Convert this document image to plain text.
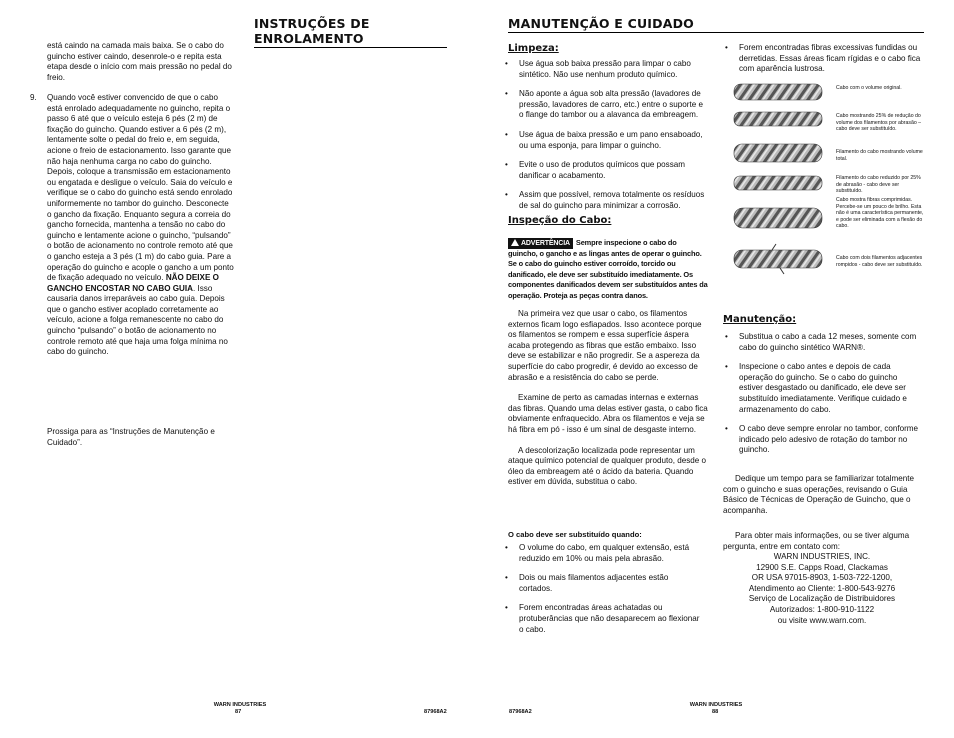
INSTRUÇÕES DE ENROLAMENTO
está caindo na camada mais baixa. Se o cabo do guincho estiver caindo, desenrole-o e repita esta etapa desde o início com mais pressão no pedal do freio.
9. Quando você estiver convencido de que o cabo está enrolado adequadamente no guincho, repita o passo 6 até que o veículo esteja 6 pés (2 m) de fixação do guincho. Quando estiver a 6 pés (2 m), lentamente solte o pedal do freio e, em seguida, acione o freio de estacionamento. Isso garante que não haja nenhuma carga no cabo do guincho. Depois, coloque a transmissão em estacionamento ou engatada e desligue o veículo. Saia do veículo e verifique se o cabo do guincho está sendo enrolado uniformemente no tambor do guincho. Desconecte o gancho da fixação. Enquanto segura a correia do gancho fornecida, mantenha a tensão no cabo do guincho e lentamente acione o guincho, “pulsando” o botão de acionamento no controle remoto até que o gancho esteja a 3 pés (1 m) do cabo guia. Pare a operação do guincho e acople o gancho a um ponto de fixação adequado no veículo. NÃO DEIXE O GANCHO ENCOSTAR NO CABO GUIA. Isso causaria danos irreparáveis ao cabo guia. Depois que o gancho estiver acoplado corretamente ao veículo, acione a folga remanescente no cabo do guincho “pulsando” o botão de acionamento no controle remoto até que haja uma folga mínima no cabo do guincho.
Prossiga para as “Instruções de Manutenção e Cuidado”.
MANUTENÇÃO E CUIDADO
Limpeza:
• Use água sob baixa pressão para limpar o cabo sintético. Não use nenhum produto químico.
• Não aponte a água sob alta pressão (lavadores de pressão, lavadores de carro, etc.) entre o suporte e o flange do tambor ou a alavanca da embreagem.
• Use água de baixa pressão e um pano ensaboado, ou uma esponja, para limpar o guincho.
• Evite o uso de produtos químicos que possam danificar o acabamento.
• Assim que possível, remova totalmente os resíduos de sal do guincho para minimizar a corrosão.
Inspeção do Cabo:
ADVERTÊNCIA Sempre inspecione o cabo do guincho, o gancho e as lingas antes de operar o guincho. Se o cabo do guincho estiver corroído, torcido ou danificado, ele deve ser substituído imediatamente. Os componentes danificados devem ser substituídos antes da operação. Proteja as peças contra danos.

Na primeira vez que usar o cabo, os filamentos externos ficam logo esfiapados. Isso acontece porque os filamentos se rompem e essa superfície áspera acaba protegendo as fibras que estão embaixo. Isso deve se estabilizar e não progredir. Se a aspereza da superfície do cabo progredir, é devido ao excesso de abrasão e a resistência do cabo se perde.

Examine de perto as camadas internas e externas das fibras. Quando uma delas estiver gasta, o cabo fica obviamente enfraquecido. Abra os filamentos e veja se há fibra em pó - isso é um sinal de desgaste interno.

A descolorização localizada pode representar um ataque químico potencial de qualquer produto, desde o óleo da embreagem até o ácido da bateria. Quando estiver em dúvida, substitua o cabo.

O cabo deve ser substituído quando:
• O volume do cabo, em qualquer extensão, está reduzido em 10% ou mais pela abrasão.
• Dois ou mais filamentos adjacentes estão cortados.
• Forem encontradas áreas achatadas ou protuberâncias que não desaparecem ao flexionar o cabo.
• Forem encontradas fibras excessivas fundidas ou derretidas. Essas áreas ficam rígidas e o cabo fica com aparência lustrosa.
Cabo com o volume original.
Cabo mostrando 25% de redução do volume dos filamentos por abrasão – cabo deve ser substituído.
Filamento do cabo mostrando volume total.
Filamento do cabo reduzido por 25% de abrasão - cabo deve ser substituído.
Cabo mostra fibras comprimidas. Percebe-se um pouco de brilho. Esta não é uma característica permanente, e pode ser eliminada com a flexão do cabo.
Cabo com dois filamentos adjacentes rompidos - cabo deve ser substituído.
Manutenção:
• Substitua o cabo a cada 12 meses, somente com cabo do guincho sintético WARN®.
• Inspecione o cabo antes e depois de cada operação do guincho. Se o cabo do guincho estiver desgastado ou danificado, ele deve ser substituído imediatamente. Verifique cuidado e armazenamento do cabo.
• O cabo deve sempre enrolar no tambor, conforme indicado pelo adesivo de rotação do tambor no guincho.
Dedique um tempo para se familiarizar totalmente com o guincho e suas operações, revisando o Guia Básico de Técnicas de Operação de Guincho, que o acompanha.
Para obter mais informações, ou se tiver alguma pergunta, entre em contato com:
WARN INDUSTRIES, INC.
12900 S.E. Capps Road, Clackamas
OR USA 97015-8903, 1-503-722-1200,
Atendimento ao Cliente: 1-800-543-9276
Serviço de Localização de Distribuidores
Autorizados: 1-800-910-1122
ou visite www.warn.com.
WARN INDUSTRIES
87	87968A2	87968A2
WARN INDUSTRIES
88
